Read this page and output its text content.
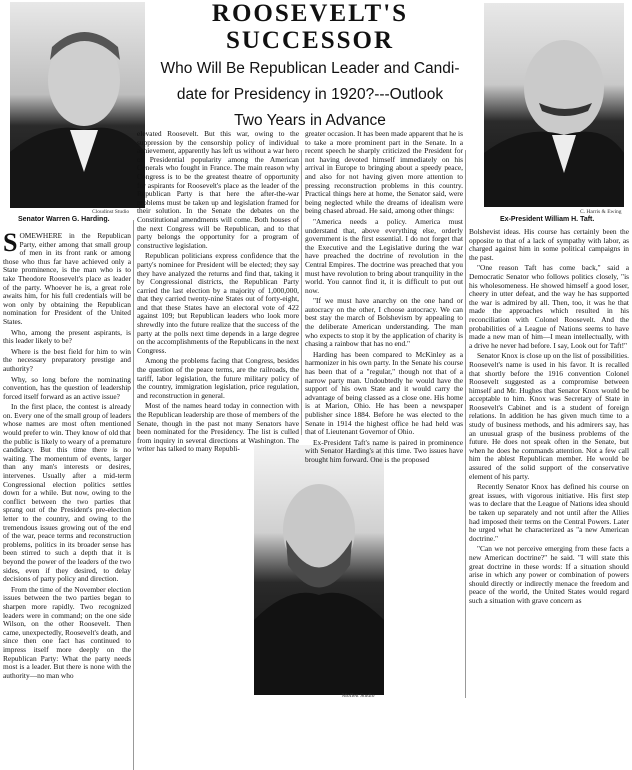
ROOSEVELT'S
SUCCESSOR
Who Will Be Republican Leader and Candi-
date for Presidency in 1920?---Outlook
Two Years in Advance
Cloudinst Studio
Senator Warren G. Harding.
C. Harris & Ewing
Ex-President William H. Taft.
Moffett Studio

SOMEWHERE in the Republican Party, either among that small group of men in its front rank or among those who thus far have achieved only a State prominence, is the man who is to take Theodore Roosevelt's place as leader of the party. Whoever he is, a great role awaits him, for his full credentials will be won only by obtaining the Republican nomination for President of the United States.

Who, among the present aspirants, is this leader likely to be?

Where is the best field for him to win the necessary preparatory prestige and authority?

Why, so long before the nominating convention, has the question of leadership forced itself forward as an active issue?

In the first place, the contest is already on. Every one of the small group of leaders whose names are most often mentioned would prefer to win. They know of old that the public is likely to weary of a premature candidacy. But this time there is no waiting. The momentum of events, larger than any man's interests or desires, intervenes. Usually after a mid-term Congressional election politics settles down for a while. But now, owing to the conflict between the two parties that sprang out of the President's pre-election letter to the country, and owing to the tremendous issues growing out of the end of the war, peace terms and reconstruction problems, politics in its broader sense has been stirred to such a depth that it is beyond the power of the leaders of the two sides, even if they desired, to delay decisions of party policy and direction.

From the time of the November election issues between the two parties began to sharpen more rapidly. Two recognized leaders were in command; on the one side Wilson, on the other Roosevelt. Then came, unexpectedly, Roosevelt's death, and since then one fact has continued to impress itself more deeply on the Republican Party: What the party needs most is a leader. But there is none with the authority—no man who

elevated Roosevelt. But this war, owing to the suppression by the censorship policy of individual achievement, apparently has left us without a war hero of Presidential popularity among the American Generals who fought in France. The main reason why Congress is to be the greatest theatre of opportunity for aspirants for Roosevelt's place as the leader of the Republican Party is that here the after-the-war problems must be taken up and legislation framed for their solution. In the Senate the debates on the Constitutional amendments will come. Both houses of the next Congress will be Republican, and to that party belongs the opportunity for a program of constructive legislation.

Republican politicians express confidence that the party's nominee for President will be elected; they say they have analyzed the returns and find that, taking it by Congressional districts, the Republican Party carried the last election by a majority of 1,000,000, that they carried twenty-nine States out of forty-eight, and that these States have an electoral vote of 422 against 109; but Republican leaders who look more shrewdly into the future realize that the success of the party at the polls next time depends in a large degree on the accomplishments of the Republicans in the next Congress.

Among the problems facing that Congress, besides the question of the peace terms, are the railroads, the tariff, labor legislation, the future military policy of the country, immigration legislation, price regulation, and reconstruction in general.

Most of the names heard today in connection with the Republican leadership are those of members of the Senate, though in the past not many Senators have been nominated for the Presidency. The list is culled from inquiry in several directions at Washington. The writer has talked to many Republi-

greater occasion. It has been made apparent that he is to take a more prominent part in the Senate. In a recent speech he sharply criticized the President for not having devoted himself immediately on his arrival in Europe to bringing about a speedy peace, and also for not having given more attention to pressing reconstruction problems in this country. Practical things here at home, the Senator said, were being neglected while the dreams of idealism were being chased abroad. He said, among other things:

"America needs a policy. America must understand that, above everything else, orderly government is the first essential. I do not forget that the Executive and the Legislative during the war have preached the doctrine of revolution in the Central Empires. The doctrine was preached that you must have revolution to bring about tranquility in the world. You cannot find it, it is difficult to put out now.

"If we must have anarchy on the one hand or autocracy on the other, I choose autocracy. We can best stay the march of Bolshevism by appealing to the deliberate American understanding. The man who expects to stop it by the application of charity is chasing a rainbow that has no end."

Harding has been compared to McKinley as a harmonizer in his own party. In the Senate his course has been that of a "regular," though not that of a narrow party man. Undoubtedly he would have the support of his own State and it would carry the advantage of being classed as a close one. His home is at Marion, Ohio. He has been a newspaper publisher since 1884. Before he was elected to the Senate in 1914 the highest office he had held was that of Lieutenant Governor of Ohio.

Ex-President Taft's name is paired in prominence with Senator Harding's at this time. Two issues have brought him forward. One is the proposed

Bolshevist ideas. His course has certainly been the opposite to that of a lack of sympathy with labor, as charged against him in some political campaigns in the past.

"One reason Taft has come back," said a Democratic Senator who follows politics closely, "is his wholesomeness. He showed himself a good loser, cheery in utter defeat, and the way he has supported the war is admired by all. Then, too, it was he that made the approaches which resulted in his reconciliation with Colonel Roosevelt. And the probabilities of a League of Nations seems to have made a new man of him—I mean intellectually, with a drive he never had before. I say, Look out for Taft!"

Senator Knox is close up on the list of possibilities. Roosevelt's name is used in his favor. It is recalled that shortly before the 1916 convention Colonel Roosevelt suggested as a compromise between himself and Mr. Hughes that Senator Knox would be acceptable to him. Knox was Secretary of State in Roosevelt's Cabinet and is a student of foreign relations. In addition he has given much time to a study of business methods, and his admirers say, has an unusual grasp of the business problems of the future. He does not speak often in the Senate, but when he does he commands attention. Not a few call him the ablest Republican member. He would be assured of the solid support of the conservative element of his party.

Recently Senator Knox has defined his course on great issues, with vigorous initiative. His first step was to declare that the League of Nations idea should be taken up separately and not until after the Allies had imposed their terms on the Central Powers. Later he urged what he characterized as "a new American doctrine."

"Can we not perceive emerging from these facts a new American doctrine?" he said. "I will state this great doctrine in these words: If a situation should arise in which any power or combination of powers should directly or indirectly menace the freedom and peace of the world, the United States would regard such a situation with grave concern as
